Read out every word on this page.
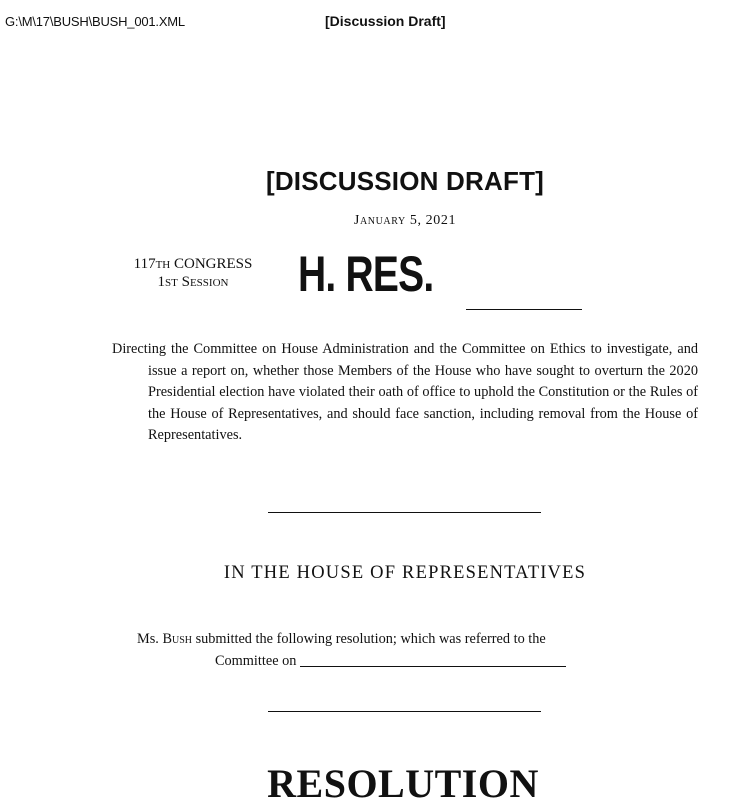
G:\M\17\BUSH\BUSH_001.XML	[Discussion Draft]
[DISCUSSION DRAFT]
January 5, 2021
117th CONGRESS
1st Session	H. RES.

Directing the Committee on House Administration and the Committee on Ethics to investigate, and issue a report on, whether those Members of the House who have sought to overturn the 2020 Presidential election have violated their oath of office to uphold the Constitution or the Rules of the House of Representatives, and should face sanction, including removal from the House of Representatives.

IN THE HOUSE OF REPRESENTATIVES
Ms. Bush submitted the following resolution; which was referred to the
Committee on
RESOLUTION
